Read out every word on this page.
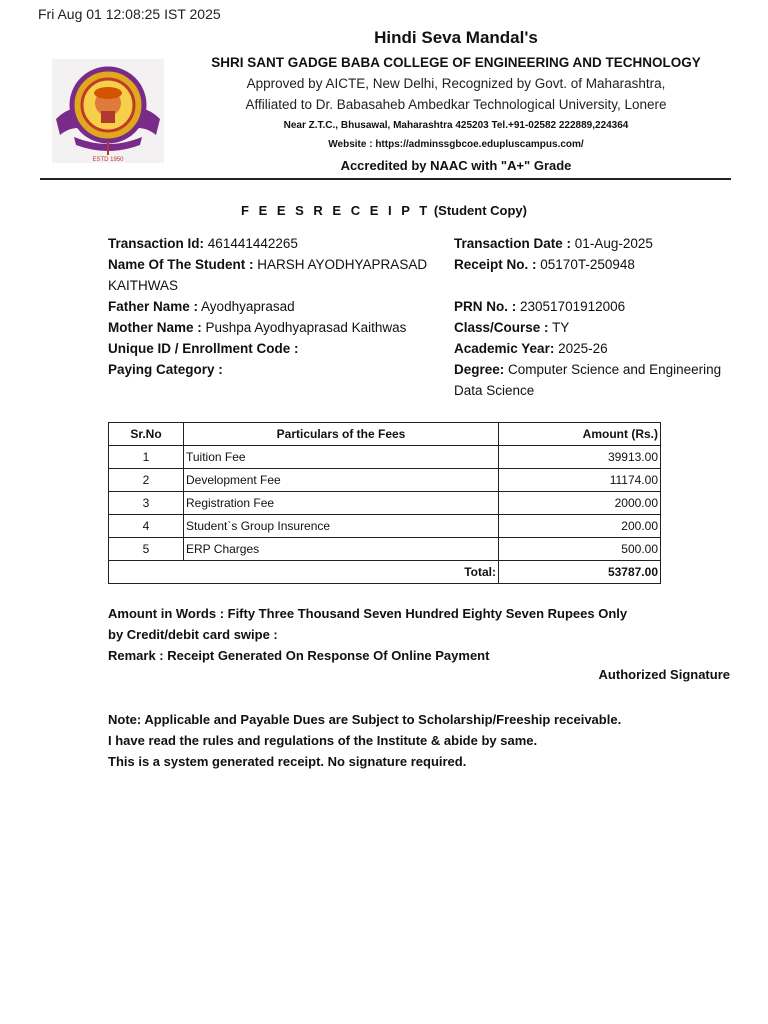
Fri Aug 01 12:08:25 IST 2025
ESTD 1950
Hindi Seva Mandal's
SHRI SANT GADGE BABA COLLEGE OF ENGINEERING AND TECHNOLOGY
Approved by AICTE, New Delhi, Recognized by Govt. of Maharashtra,
Affiliated to Dr. Babasaheb Ambedkar Technological University, Lonere
Near Z.T.C., Bhusawal, Maharashtra 425203 Tel.+91-02582 222889,224364
Website : https://adminssgbcoe.edupluscampus.com/
Accredited by NAAC with "A+" Grade
F E E S R E C E I P T (Student Copy)
Transaction Id: 461441442265
Name Of The Student : HARSH AYODHYAPRASAD KAITHWAS
Father Name : Ayodhyaprasad
Mother Name : Pushpa Ayodhyaprasad Kaithwas
Unique ID / Enrollment Code :
Paying Category :
Transaction Date : 01-Aug-2025
Receipt No. : 05170T-250948
PRN No. : 23051701912006
Class/Course : TY
Academic Year: 2025-26
Degree: Computer Science and Engineering Data Science
Sr.No	Particulars of the Fees	Amount (Rs.)
1	Tuition Fee	39913.00
2	Development Fee	11174.00
3	Registration Fee	2000.00
4	Student`s Group Insurence	200.00
5	ERP Charges	500.00
Total:		53787.00
Amount in Words : Fifty Three Thousand Seven Hundred Eighty Seven Rupees Only
by Credit/debit card swipe :
Remark : Receipt Generated On Response Of Online Payment
Authorized Signature
Note: Applicable and Payable Dues are Subject to Scholarship/Freeship receivable.
I have read the rules and regulations of the Institute & abide by same.
This is a system generated receipt. No signature required.
